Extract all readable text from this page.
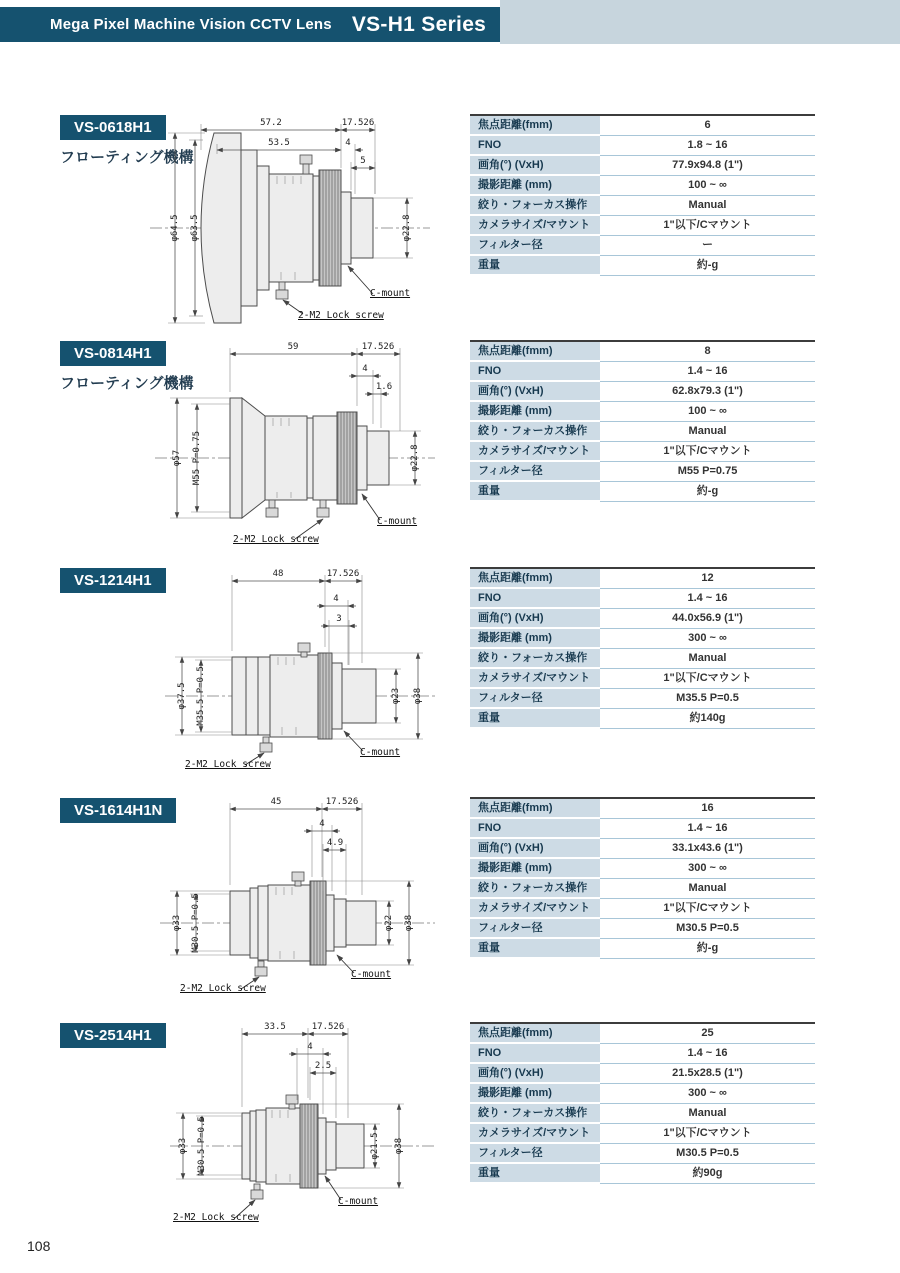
Mega Pixel Machine Vision CCTV Lens VS-H1 Series
VS-0618H1
フローティング機構
57.2	17.526
53.5	4
5
φ64.5 φ63.5	φ22.8
C-mount
2-M2 Lock screw
焦点距離(fmm)	6
FNO	1.8 ~ 16
画角(°) (VxH)	77.9x94.8 (1")
撮影距離 (mm)	100 ~ ∞
絞り・フォーカス操作	Manual
カメラサイズ/マウント	1"以下/Cマウント
フィルター径	ー
重量	約-g
VS-0814H1
フローティング機構
59	17.526
4
1.6
φ57 M55 P=0.75	φ22.8
C-mount
2-M2 Lock screw
焦点距離(fmm)	8
FNO	1.4 ~ 16
画角(°) (VxH)	62.8x79.3 (1")
撮影距離 (mm)	100 ~ ∞
絞り・フォーカス操作	Manual
カメラサイズ/マウント	1"以下/Cマウント
フィルター径	M55 P=0.75
重量	約-g
VS-1214H1	48	17.526
4
3
φ37.5 M35.5 P=0.5	φ23 φ38
C-mount
2-M2 Lock screw
焦点距離(fmm)	12
FNO	1.4 ~ 16
画角(°) (VxH)	44.0x56.9 (1")
撮影距離 (mm)	300 ~ ∞
絞り・フォーカス操作	Manual
カメラサイズ/マウント	1"以下/Cマウント
フィルター径	M35.5 P=0.5
重量	約140g
VS-1614H1N	45	17.526
4
4.9
φ33 M30.5 P=0.5	φ22 φ38
C-mount
2-M2 Lock screw
焦点距離(fmm)	16
FNO	1.4 ~ 16
画角(°) (VxH)	33.1x43.6 (1")
撮影距離 (mm)	300 ~ ∞
絞り・フォーカス操作	Manual
カメラサイズ/マウント	1"以下/Cマウント
フィルター径	M30.5 P=0.5
重量	約-g
VS-2514H1	33.5	17.526
4
2.5
φ33 M30.5 P=0.5	φ21.5 φ38
C-mount
2-M2 Lock screw
焦点距離(fmm)	25
FNO	1.4 ~ 16
画角(°) (VxH)	21.5x28.5 (1")
撮影距離 (mm)	300 ~ ∞
絞り・フォーカス操作	Manual
カメラサイズ/マウント	1"以下/Cマウント
フィルター径	M30.5 P=0.5
重量	約90g
108
